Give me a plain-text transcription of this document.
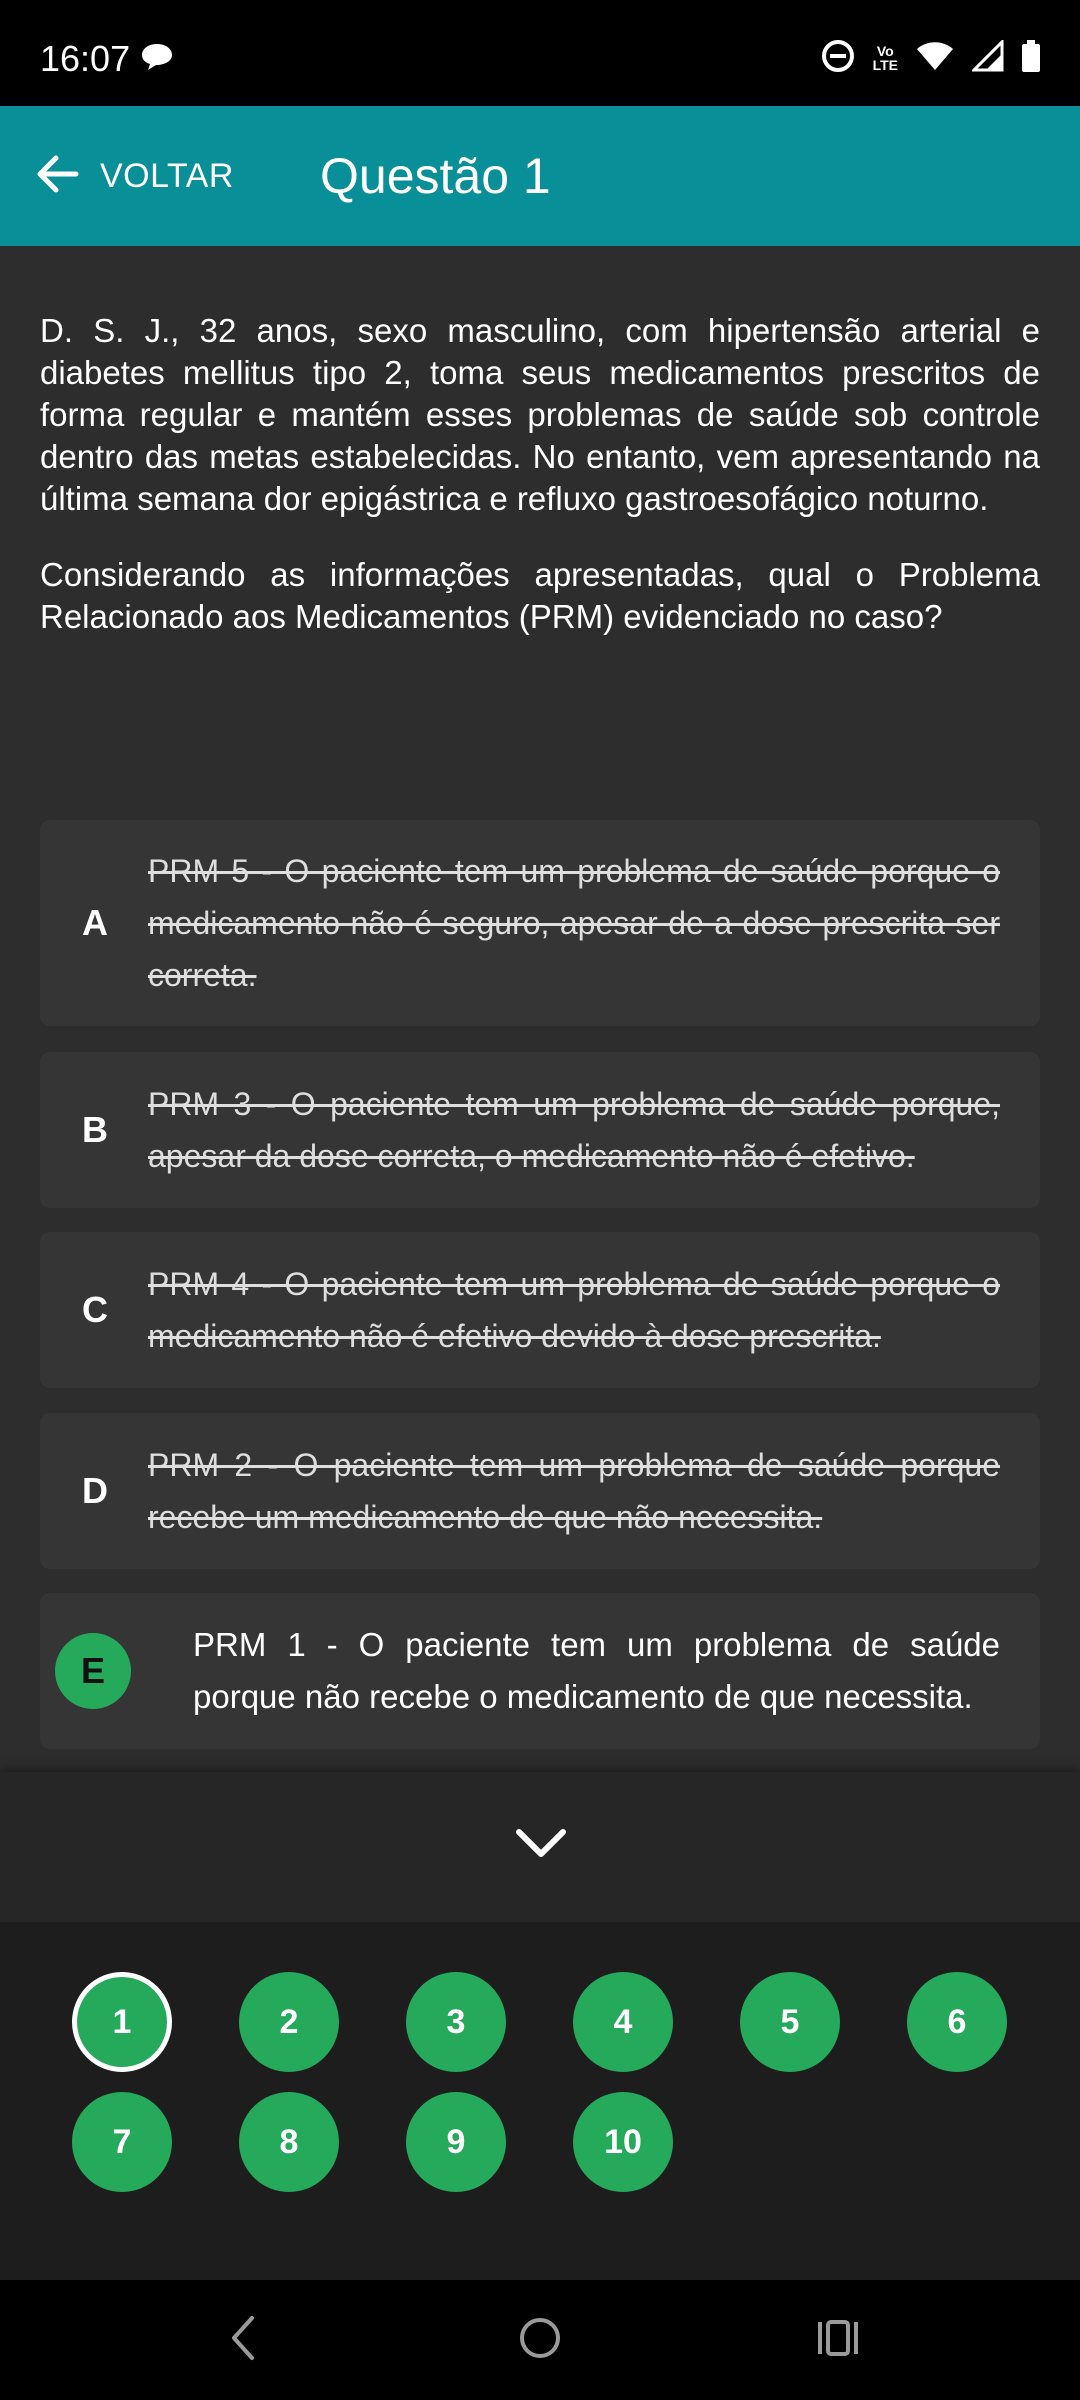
16:07	Vo
LTE
VOLTAR Questão 1

D. S. J., 32 anos, sexo masculino, com hipertensão arterial e diabetes mellitus tipo 2, toma seus medicamentos prescritos de forma regular e mantém esses problemas de saúde sob controle dentro das metas estabelecidas. No entanto, vem apresentando na última semana dor epigástrica e refluxo gastroesofágico noturno.

Considerando as informações apresentadas, qual o Problema Relacionado aos Medicamentos (PRM) evidenciado no caso?

A
PRM 5 - O paciente tem um problema de saúde porque o medicamento não é seguro, apesar de a dose prescrita ser correta.
B
PRM 3 - O paciente tem um problema de saúde porque, apesar da dose correta, o medicamento não é efetivo.
C
PRM 4 - O paciente tem um problema de saúde porque o medicamento não é efetivo devido à dose prescrita.
D
PRM 2 - O paciente tem um problema de saúde porque recebe um medicamento de que não necessita.
E
PRM 1 - O paciente tem um problema de saúde porque não recebe o medicamento de que necessita.
1	2	3	4	5	6
7	8	9	10
